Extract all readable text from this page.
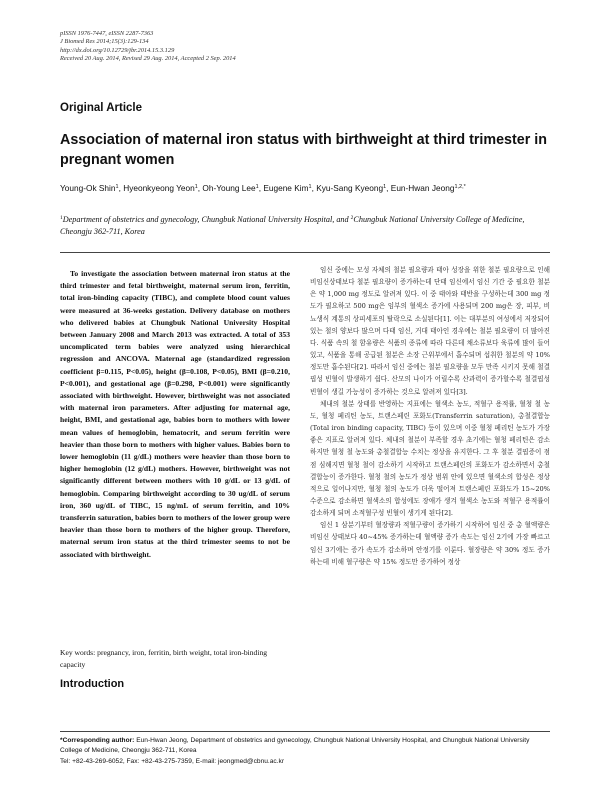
pISSN 1976-7447, eISSN 2287-7363
J Biomed Res 2014;15(3):129-134
http://dx.doi.org/10.12729/jbr.2014.15.3.129
Received 20 Aug. 2014, Revised 29 Aug. 2014, Accepted 2 Sep. 2014
Original Article
Association of maternal iron status with birthweight at third trimester in pregnant women
Young-Ok Shin$^1$, Hyeonkyeong Yeon$^1$, Oh-Young Lee$^1$, Eugene Kim$^1$, Kyu-Sang Kyeong$^1$, Eun-Hwan Jeong$^{1,2,*}$
$^1$Department of obstetrics and gynecology, Chungbuk National University Hospital, and $^2$Chungbuk National University College of Medicine, Cheongju 362-711, Korea

To investigate the association between maternal iron status at the third trimester and fetal birthweight, maternal serum iron, ferritin, total iron-binding capacity (TIBC), and complete blood count values were measured at 36-weeks gestation. Delivery database on mothers who delivered babies at Chungbuk National University Hospital between January 2008 and March 2013 was extracted. A total of 353 uncomplicated term babies were analyzed using hierarchical regression and ANCOVA. Maternal age (standardized regression coefficient β=0.115, P<0.05), height (β=0.108, P<0.05), BMI (β=0.210, P<0.001), and gestational age (β=0.298, P<0.001) were significantly associated with birthweight. However, birthweight was not associated with maternal iron parameters. After adjusting for maternal age, height, BMI, and gestational age, babies born to mothers with lower mean values of hemoglobin, hematocrit, and serum ferritin were heavier than those born to mothers with higher values. Babies born to lower hemoglobin (11 g/dL) mothers were heavier than those born to higher hemoglobin (12 g/dL) mothers. However, birthweight was not significantly different between mothers with 10 g/dL or 13 g/dL of hemoglobin. Comparing birthweight according to 30 ug/dL of serum iron, 360 ug/dL of TIBC, 15 ng/mL of serum ferritin, and 10% transferrin saturation, babies born to mothers of the lower group were heavier than those born to mothers of the higher group. Therefore, maternal serum iron status at the third trimester seems to not be associated with birthweight.

Key words: pregnancy, iron, ferritin, birth weight, total iron-binding capacity
Introduction

임신 중에는 모성 자체의 철분 필요량과 태아 성장을 위한 철분 필요량으로 인해 비임신상태보다 철분 필요량이 증가하는데 단태 임신에서 임신 기간 중 필요한 철분은 약 1,000 mg 정도로 알려져 있다. 이 중 태아와 태반을 구성하는데 300 mg 정도가 필요하고 500 mg은 임부의 혈색소 증가에 사용되며 200 mg은 장, 피부, 비뇨생식 계통의 상피세포의 탈락으로 소실된다[1]. 이는 대부분의 여성에서 저장되어 있는 철의 양보다 많으며 다태 임신, 거대 태아인 경우에는 철분 필요량이 더 많아진다. 식품 속의 철 함유량은 식품의 종류에 따라 다른데 채소류보다 육류에 많이 들어있고, 식품을 통해 공급된 철분은 소장 근위부에서 흡수되며 섭취한 철분의 약 10% 정도만 흡수된다[2]. 따라서 임신 중에는 철분 필요량을 모두 만족 시키지 못해 철결핍성 빈혈이 발생하기 쉽다. 산모의 나이가 어릴수록 산과력이 증가할수록 철결핍성 빈혈이 생길 가능성이 증가하는 것으로 알려져 있다[3].

체내의 철분 상태를 반영하는 지표에는 혈색소 농도, 적혈구 용적률, 혈청 철 농도, 혈청 페리틴 농도, 트랜스페린 포화도(Transferrin saturation), 총철결합능(Total iron binding capacity, TIBC) 등이 있으며 이중 혈청 페리틴 농도가 가장 좋은 지표로 알려져 있다. 체내의 철분이 부족할 경우 초기에는 혈청 페리틴은 감소하지만 혈청 철 농도와 총철결합능 수치는 정상을 유지한다. 그 후 철분 결핍증이 점점 심해지면 혈청 철이 감소하기 시작하고 트랜스페린의 포화도가 감소하면서 총철결합능이 증가한다. 혈청 철의 농도가 정상 범위 안에 있으면 혈색소의 합성은 정상적으로 일어나지만, 혈청 철의 농도가 더욱 떨어져 트랜스페린 포화도가 15~20% 수준으로 감소하면 혈색소의 합성에도 장애가 생겨 혈색소 농도와 적혈구 용적률이 감소하게 되며 소적혈구성 빈혈이 생기게 된다[2].

임신 1 삼분기부터 혈장량과 적혈구량이 증가하기 시작하여 임신 중 총 혈액량은 비임신 상태보다 40~45% 증가하는데 혈액량 증가 속도는 임신 2기에 가장 빠르고 임신 3기에는 증가 속도가 감소하며 안정기를 이룬다. 혈장량은 약 30% 정도 증가하는데 비해 혈구량은 약 15% 정도만 증가하여 정상

*Corresponding author: Eun-Hwan Jeong, Department of obstetrics and gynecology, Chungbuk National University Hospital, and Chungbuk National University College of Medicine, Cheongju 362-711, Korea
Tel: +82-43-269-6052, Fax: +82-43-275-7359, E-mail: jeongmed@cbnu.ac.kr
